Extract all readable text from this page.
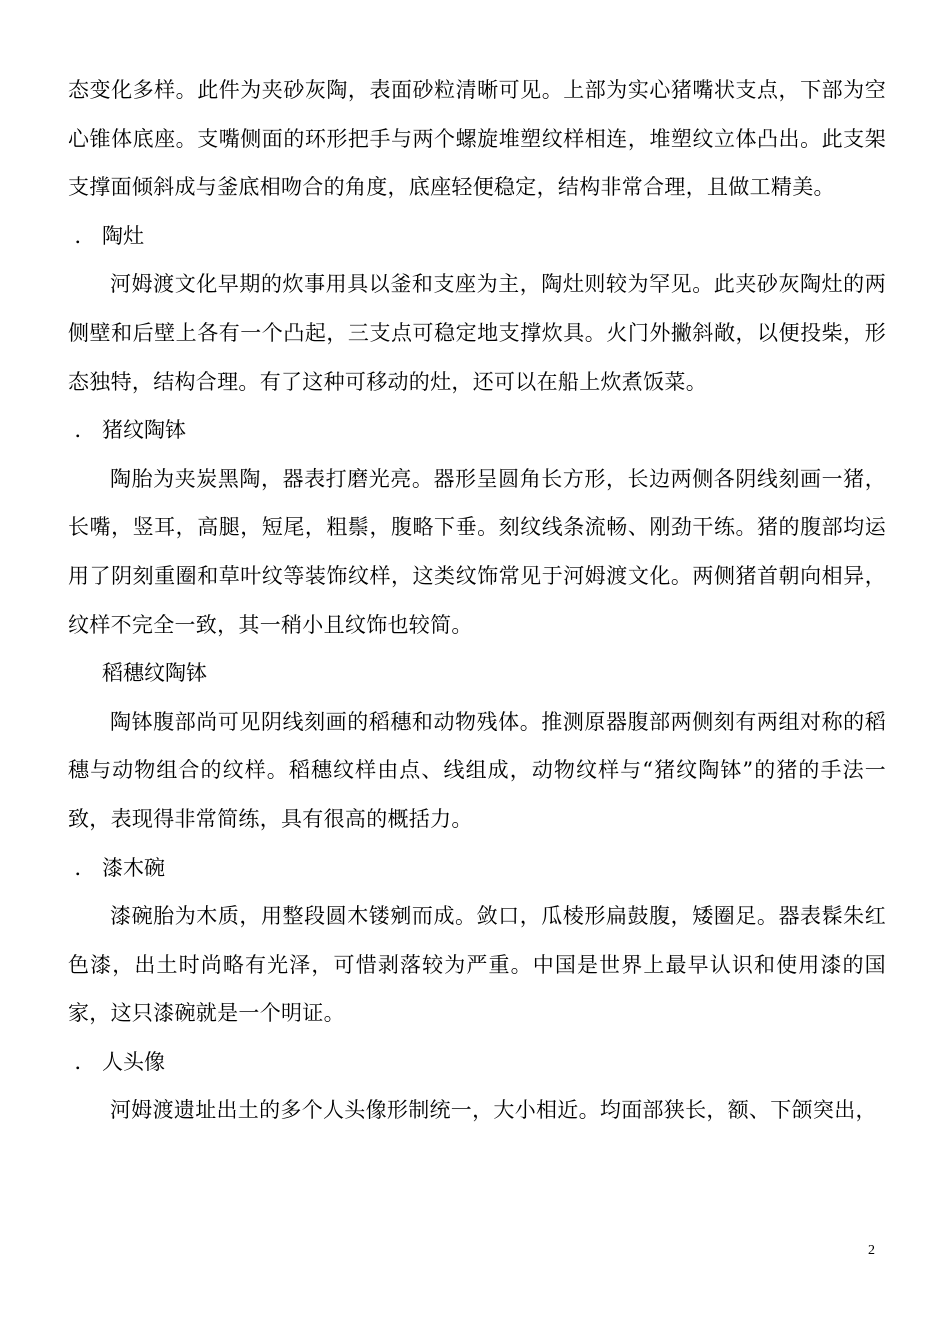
态变化多样。此件为夹砂灰陶，表面砂粒清晰可见。上部为实心猪嘴状支点，下部为空心锥体底座。支嘴侧面的环形把手与两个螺旋堆塑纹样相连，堆塑纹立体凸出。此支架支撑面倾斜成与釜底相吻合的角度，底座轻便稳定，结构非常合理，且做工精美。

． 陶灶

河姆渡文化早期的炊事用具以釜和支座为主，陶灶则较为罕见。此夹砂灰陶灶的两侧壁和后壁上各有一个凸起，三支点可稳定地支撑炊具。火门外撇斜敞，以便投柴，形态独特，结构合理。有了这种可移动的灶，还可以在船上炊煮饭菜。

． 猪纹陶钵

陶胎为夹炭黑陶，器表打磨光亮。器形呈圆角长方形，长边两侧各阴线刻画一猪，长嘴，竖耳，高腿，短尾，粗鬃，腹略下垂。刻纹线条流畅、刚劲干练。猪的腹部均运用了阴刻重圈和草叶纹等装饰纹样，这类纹饰常见于河姆渡文化。两侧猪首朝向相异，纹样不完全一致，其一稍小且纹饰也较简。

稻穗纹陶钵

陶钵腹部尚可见阴线刻画的稻穗和动物残体。推测原器腹部两侧刻有两组对称的稻穗与动物组合的纹样。稻穗纹样由点、线组成，动物纹样与“猪纹陶钵”的猪的手法一致，表现得非常简练，具有很高的概括力。

． 漆木碗

漆碗胎为木质，用整段圆木镂剜而成。敛口，瓜棱形扁鼓腹，矮圈足。器表髹朱红色漆，出土时尚略有光泽，可惜剥落较为严重。中国是世界上最早认识和使用漆的国家，这只漆碗就是一个明证。

． 人头像

河姆渡遗址出土的多个人头像形制统一，大小相近。均面部狭长，额、下颌突出，

2
